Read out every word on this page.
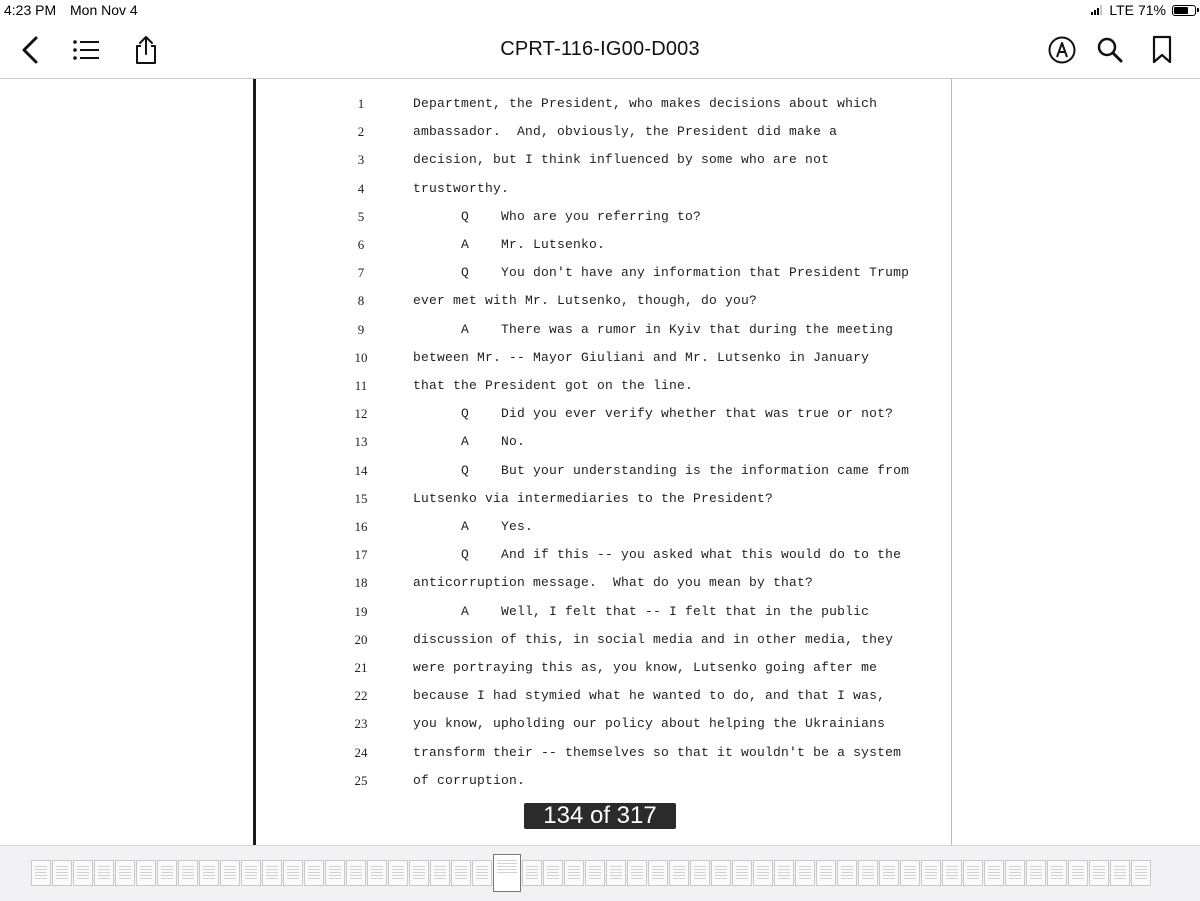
4:23 PM Mon Nov 4	LTE 71%
CPRT-116-IG00-D003
1	Department, the President, who makes decisions about which
2	ambassador.  And, obviously, the President did make a
3	decision, but I think influenced by some who are not
4	trustworthy.
5	Q    Who are you referring to?
6	A    Mr. Lutsenko.
7	Q    You don't have any information that President Trump
8	ever met with Mr. Lutsenko, though, do you?
9	A    There was a rumor in Kyiv that during the meeting
10	between Mr. -- Mayor Giuliani and Mr. Lutsenko in January
11	that the President got on the line.
12	Q    Did you ever verify whether that was true or not?
13	A    No.
14	Q    But your understanding is the information came from
15	Lutsenko via intermediaries to the President?
16	A    Yes.
17	Q    And if this -- you asked what this would do to the
18	anticorruption message.  What do you mean by that?
19	A    Well, I felt that -- I felt that in the public
20	discussion of this, in social media and in other media, they
21	were portraying this as, you know, Lutsenko going after me
22	because I had stymied what he wanted to do, and that I was,
23	you know, upholding our policy about helping the Ukrainians
24	transform their -- themselves so that it wouldn't be a system
25	of corruption.
134 of 317
